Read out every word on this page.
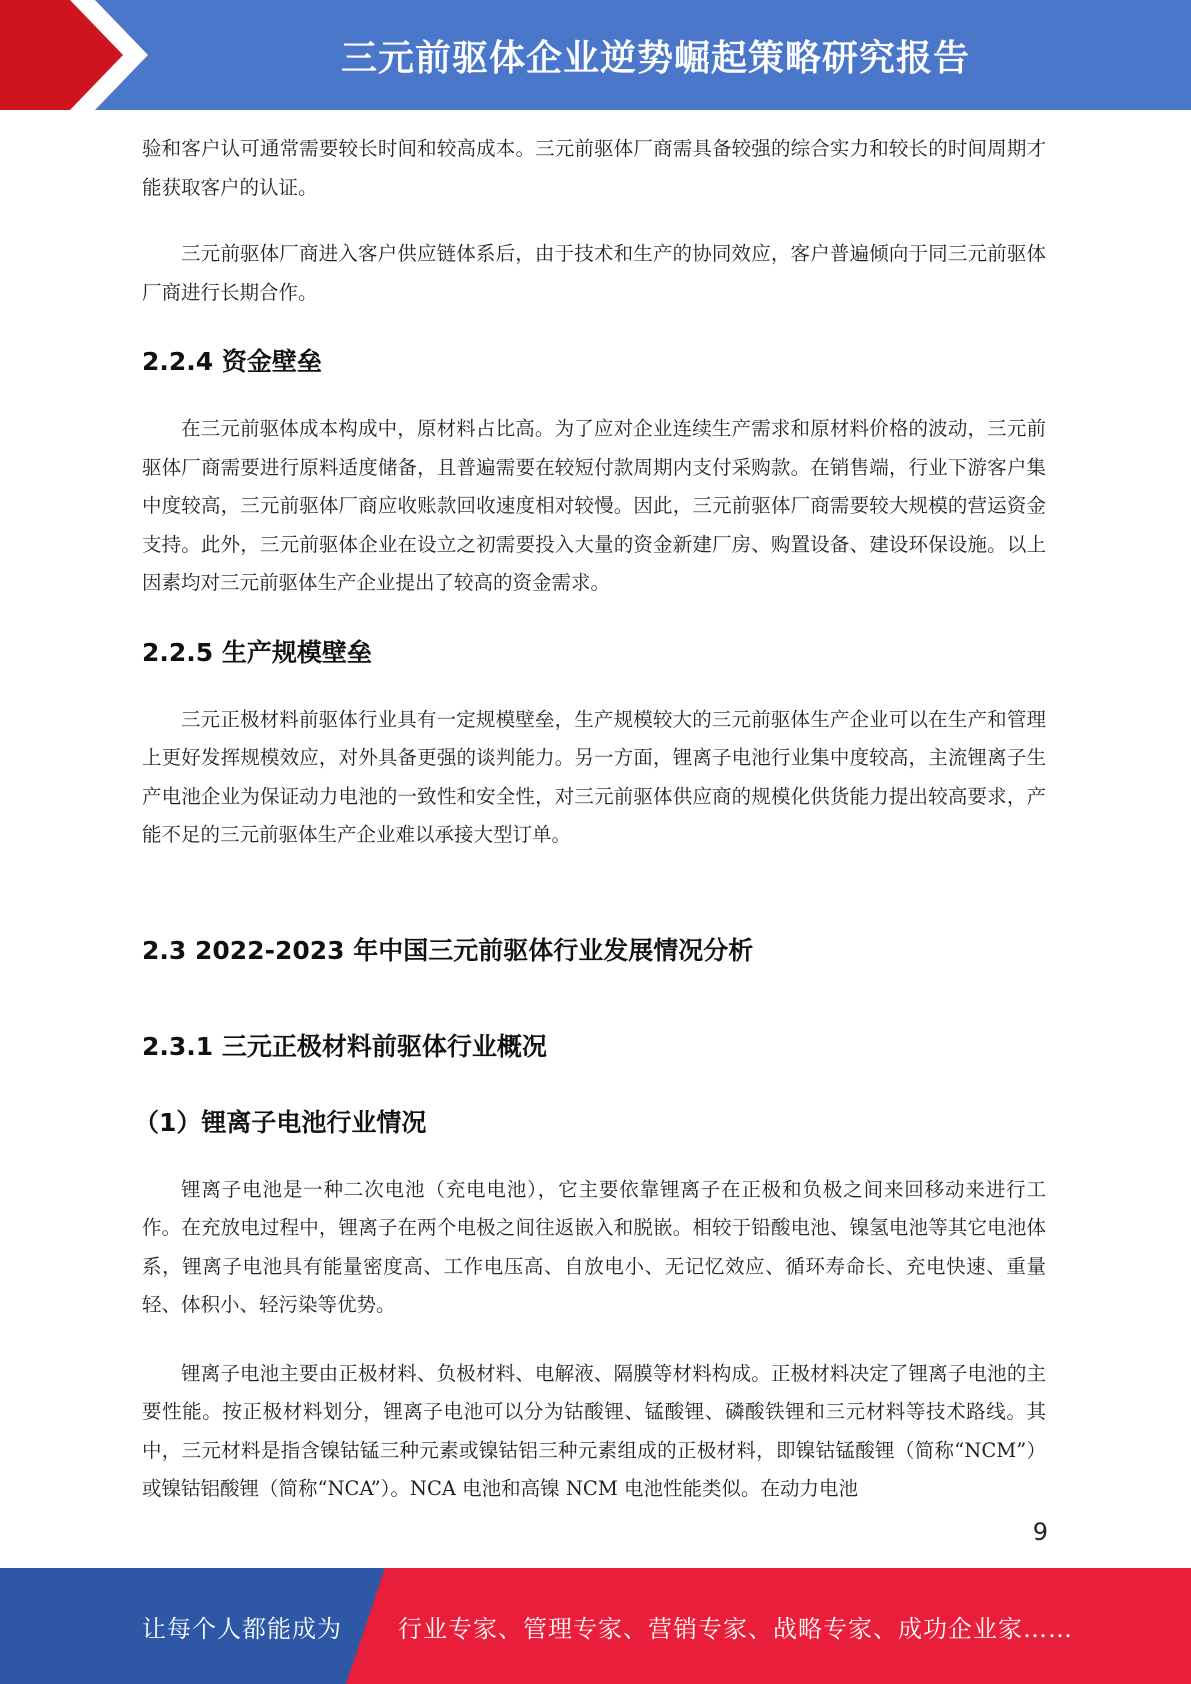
三元前驱体企业逆势崛起策略研究报告

验和客户认可通常需要较长时间和较高成本。三元前驱体厂商需具备较强的综合实力和较长的时间周期才能获取客户的认证。

三元前驱体厂商进入客户供应链体系后，由于技术和生产的协同效应，客户普遍倾向于同三元前驱体厂商进行长期合作。

2.2.4 资金壁垒

在三元前驱体成本构成中，原材料占比高。为了应对企业连续生产需求和原材料价格的波动，三元前驱体厂商需要进行原料适度储备，且普遍需要在较短付款周期内支付采购款。在销售端，行业下游客户集中度较高，三元前驱体厂商应收账款回收速度相对较慢。因此，三元前驱体厂商需要较大规模的营运资金支持。此外，三元前驱体企业在设立之初需要投入大量的资金新建厂房、购置设备、建设环保设施。以上因素均对三元前驱体生产企业提出了较高的资金需求。

2.2.5 生产规模壁垒

三元正极材料前驱体行业具有一定规模壁垒，生产规模较大的三元前驱体生产企业可以在生产和管理上更好发挥规模效应，对外具备更强的谈判能力。另一方面，锂离子电池行业集中度较高，主流锂离子生产电池企业为保证动力电池的一致性和安全性，对三元前驱体供应商的规模化供货能力提出较高要求，产能不足的三元前驱体生产企业难以承接大型订单。

2.3 2022-2023 年中国三元前驱体行业发展情况分析
2.3.1 三元正极材料前驱体行业概况
（1）锂离子电池行业情况

锂离子电池是一种二次电池（充电电池），它主要依靠锂离子在正极和负极之间来回移动来进行工作。在充放电过程中，锂离子在两个电极之间往返嵌入和脱嵌。相较于铅酸电池、镍氢电池等其它电池体系，锂离子电池具有能量密度高、工作电压高、自放电小、无记忆效应、循环寿命长、充电快速、重量轻、体积小、轻污染等优势。

锂离子电池主要由正极材料、负极材料、电解液、隔膜等材料构成。正极材料决定了锂离子电池的主要性能。按正极材料划分，锂离子电池可以分为钴酸锂、锰酸锂、磷酸铁锂和三元材料等技术路线。其中，三元材料是指含镍钴锰三种元素或镍钴铝三种元素组成的正极材料，即镍钴锰酸锂（简称“NCM”）或镍钴铝酸锂（简称“NCA”）。NCA 电池和高镍 NCM 电池性能类似。在动力电池

9
让每个人都能成为 行业专家、管理专家、营销专家、战略专家、成功企业家……
